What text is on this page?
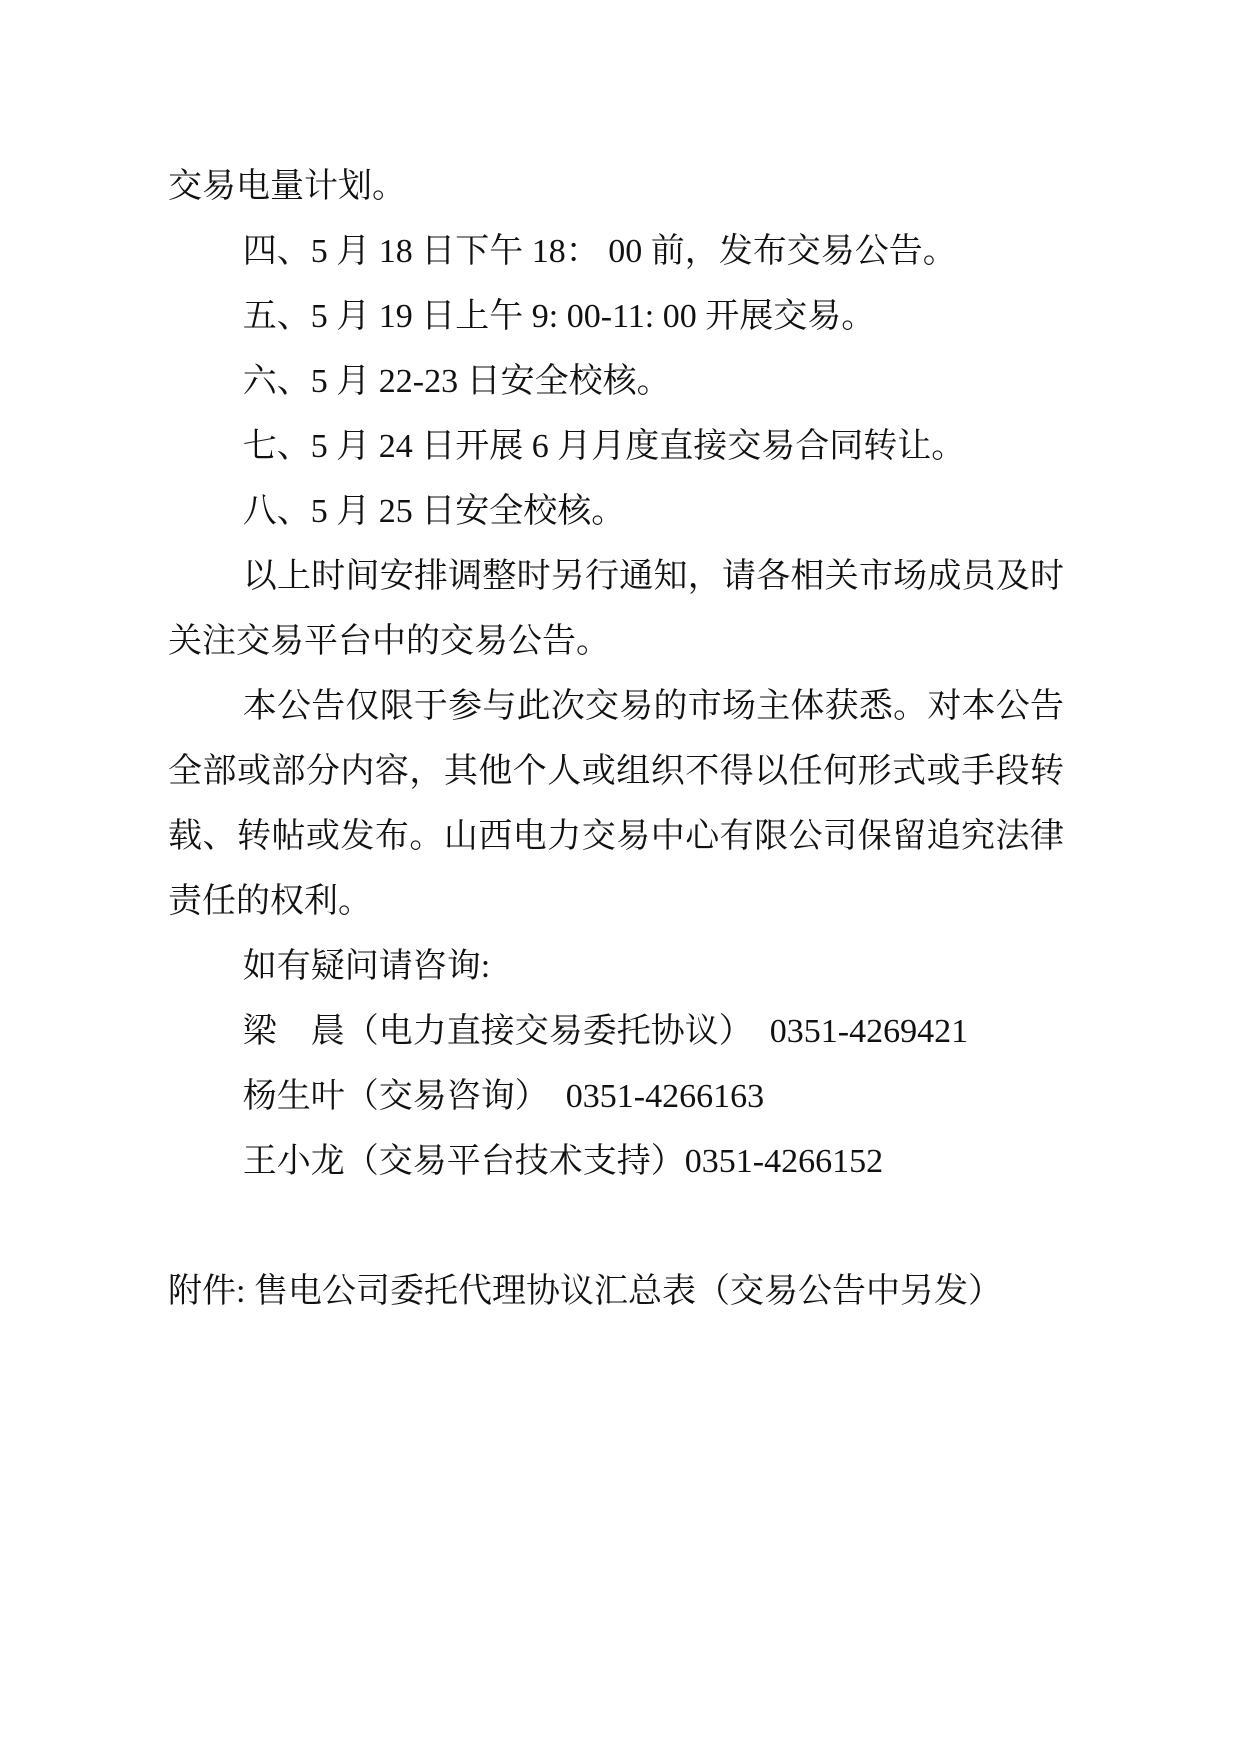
交易电量计划。
四、5 月 18 日下午 18： 00 前，发布交易公告。
五、5 月 19 日上午 9: 00-11: 00 开展交易。
六、5 月 22-23 日安全校核。
七、5 月 24 日开展 6 月月度直接交易合同转让。
八、5 月 25 日安全校核。
以上时间安排调整时另行通知，请各相关市场成员及时
关注交易平台中的交易公告。
本公告仅限于参与此次交易的市场主体获悉。对本公告
全部或部分内容，其他个人或组织不得以任何形式或手段转
载、转帖或发布。山西电力交易中心有限公司保留追究法律
责任的权利。
如有疑问请咨询:
梁　晨（电力直接交易委托协议）  0351-4269421
杨生叶（交易咨询）  0351-4266163
王小龙（交易平台技术支持）0351-4266152
附件: 售电公司委托代理协议汇总表（交易公告中另发）
